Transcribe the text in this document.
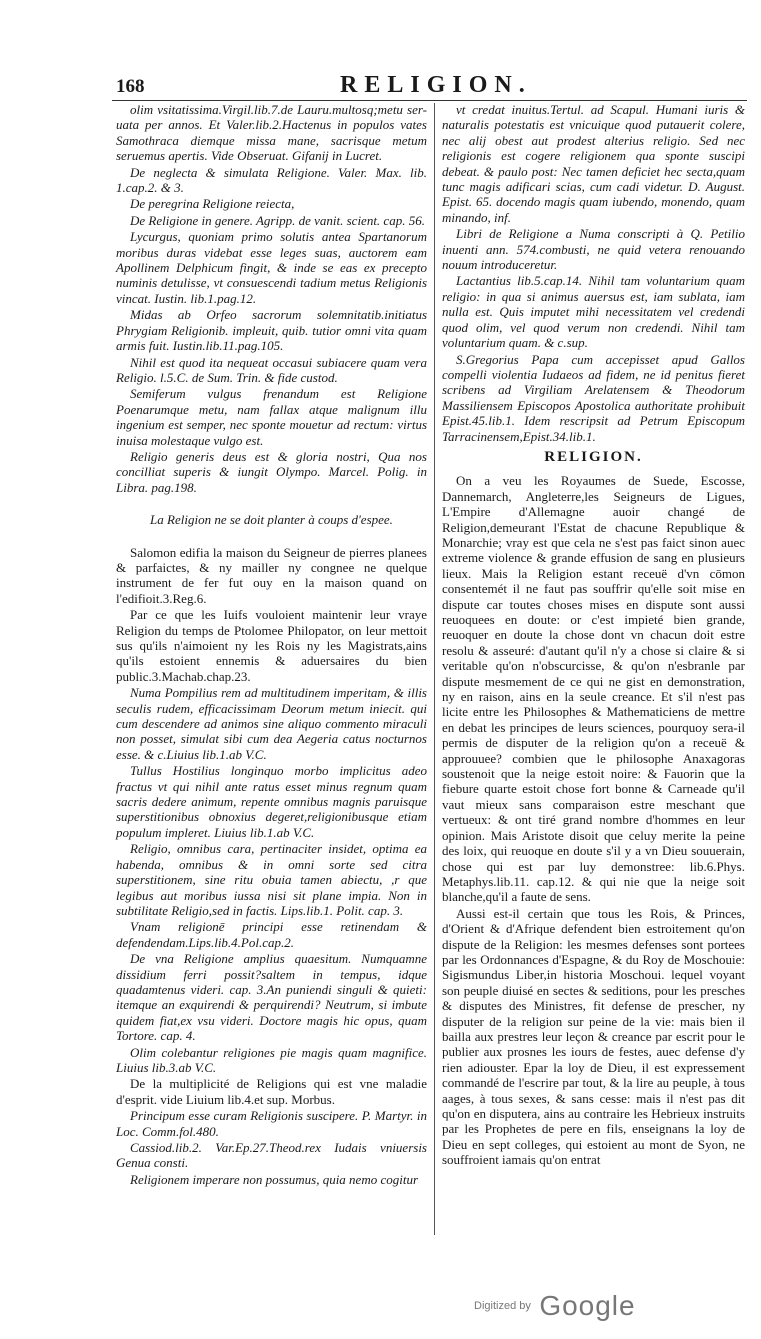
168	RELIGION.

olim vsitatissima.Virgil.lib.7.de Lauru.multosq;metu ser-uata per annos. Et Valer.lib.2.Hactenus in populos vates Samothraca diemque missa mane, sacrisque metum seruemus apertis. Vide Obseruat. Gifanij in Lucret.

De neglecta & simulata Religione. Valer. Max. lib. 1.cap.2. & 3.

De peregrina Religione reiecta,

De Religione in genere. Agripp. de vanit. scient. cap. 56.

Lycurgus, quoniam primo solutis antea Spartanorum moribus duras videbat esse leges suas, auctorem eam Apollinem Delphicum fingit, & inde se eas ex precepto numinis detulisse, vt consuescendi tadium metus Religionis vincat. Iustin. lib.1.pag.12.

Midas ab Orfeo sacrorum solemnitatib.initiatus Phrygiam Religionib. impleuit, quib. tutior omni vita quam armis fuit. Iustin.lib.11.pag.105.

Nihil est quod ita nequeat occasui subiacere quam vera Religio. l.5.C. de Sum. Trin. & fide custod.

Semiferum vulgus frenandum est Religione Poenarumque metu, nam fallax atque malignum illu ingenium est semper, nec sponte mouetur ad rectum: virtus inuisa molestaque vulgo est.

Religio generis deus est & gloria nostri, Qua nos concilliat superis & iungit Olympo. Marcel. Polig. in Libra. pag.198.

La Religion ne se doit planter à coups d'espee.

Salomon edifia la maison du Seigneur de pierres planees & parfaictes, & ny mailler ny congnee ne quelque instrument de fer fut ouy en la maison quand on l'edifioit.3.Reg.6.

Par ce que les Iuifs vouloient maintenir leur vraye Religion du temps de Ptolomee Philopator, on leur mettoit sus qu'ils n'aimoient ny les Rois ny les Magistrats,ains qu'ils estoient ennemis & aduersaires du bien public.3.Machab.chap.23.

Numa Pompilius rem ad multitudinem imperitam, & illis seculis rudem, efficacissimam Deorum metum iniecit. qui cum descendere ad animos sine aliquo commento miraculi non posset, simulat sibi cum dea Aegeria catus nocturnos esse. & c.Liuius lib.1.ab V.C.

Tullus Hostilius longinquo morbo implicitus adeo fractus vt qui nihil ante ratus esset minus regnum quam sacris dedere animum, repente omnibus magnis paruisque superstitionibus obnoxius degeret,religionibusque etiam populum impleret. Liuius lib.1.ab V.C.

Religio, omnibus cara, pertinaciter insidet, optima ea habenda, omnibus & in omni sorte sed citra superstitionem, sine ritu obuia tamen abiectu, ,r que legibus aut moribus iussa nisi sit plane impia. Non in subtilitate Religio,sed in factis. Lips.lib.1. Polit. cap. 3.

Vnam religionē principi esse retinendam & defendendam.Lips.lib.4.Pol.cap.2.

De vna Religione amplius quaesitum. Numquamne dissidium ferri possit?saltem in tempus, idque quadamtenus videri. cap. 3.An puniendi singuli & quieti: itemque an exquirendi & perquirendi? Neutrum, si imbute quidem fiat,ex vsu videri. Doctore magis hic opus, quam Tortore. cap. 4.

Olim colebantur religiones pie magis quam magnifice. Liuius lib.3.ab V.C.

De la multiplicité de Religions qui est vne maladie d'esprit. vide Liuium lib.4.et sup. Morbus.

Principum esse curam Religionis suscipere. P. Martyr. in Loc. Comm.fol.480.

Cassiod.lib.2. Var.Ep.27.Theod.rex Iudais vniuersis Genua consti.

Religionem imperare non possumus, quia nemo cogitur

vt credat inuitus.Tertul. ad Scapul. Humani iuris & naturalis potestatis est vnicuique quod putauerit colere, nec alij obest aut prodest alterius religio. Sed nec religionis est cogere religionem qua sponte suscipi debeat. & paulo post: Nec tamen deficiet hec secta,quam tunc magis adificari scias, cum cadi videtur. D. August. Epist. 65. docendo magis quam iubendo, monendo, quam minando, inf.

Libri de Religione a Numa conscripti à Q. Petilio inuenti ann. 574.combusti, ne quid vetera renouando nouum introduceretur.

Lactantius lib.5.cap.14. Nihil tam voluntarium quam religio: in qua si animus auersus est, iam sublata, iam nulla est. Quis imputet mihi necessitatem vel credendi quod olim, vel quod verum non credendi. Nihil tam voluntarium quam. & c.sup.

S.Gregorius Papa cum accepisset apud Gallos compelli violentia Iudaeos ad fidem, ne id penitus fieret scribens ad Virgiliam Arelatensem & Theodorum Massiliensem Episcopos Apostolica authoritate prohibuit Epist.45.lib.1. Idem rescripsit ad Petrum Episcopum Tarracinensem,Epist.34.lib.1.

RELIGION.

On a veu les Royaumes de Suede, Escosse, Dannemarch, Angleterre,les Seigneurs de Ligues, L'Empire d'Allemagne auoir changé de Religion,demeurant l'Estat de chacune Republique & Monarchie; vray est que cela ne s'est pas faict sinon auec extreme violence & grande effusion de sang en plusieurs lieux. Mais la Religion estant receuë d'vn cōmon consentemét il ne faut pas souffrir qu'elle soit mise en dispute car toutes choses mises en dispute sont aussi reuoquees en doute: or c'est impieté bien grande, reuoquer en doute la chose dont vn chacun doit estre resolu & asseuré: d'autant qu'il n'y a chose si claire & si veritable qu'on n'obscurcisse, & qu'on n'esbranle par dispute mesmement de ce qui ne gist en demonstration, ny en raison, ains en la seule creance. Et s'il n'est pas licite entre les Philosophes & Mathematiciens de mettre en debat les principes de leurs sciences, pourquoy sera-il permis de disputer de la religion qu'on a receuë & approuuee? combien que le philosophe Anaxagoras soustenoit que la neige estoit noire: & Fauorin que la fiebure quarte estoit chose fort bonne & Carneade qu'il vaut mieux sans comparaison estre meschant que vertueux: & ont tiré grand nombre d'hommes en leur opinion. Mais Aristote disoit que celuy merite la peine des loix, qui reuoque en doute s'il y a vn Dieu souuerain, chose qui est par luy demonstree: lib.6.Phys. Metaphys.lib.11. cap.12. & qui nie que la neige soit blanche,qu'il a faute de sens.

Aussi est-il certain que tous les Rois, & Princes, d'Orient & d'Afrique defendent bien estroitement qu'on dispute de la Religion: les mesmes defenses sont portees par les Ordonnances d'Espagne, & du Roy de Moschouie: Sigismundus Liber,in historia Moschoui. lequel voyant son peuple diuisé en sectes & seditions, pour les presches & disputes des Ministres, fit defense de prescher, ny disputer de la religion sur peine de la vie: mais bien il bailla aux prestres leur leçon & creance par escrit pour le publier aux prosnes les iours de festes, auec defense d'y rien adiouster. Epar la loy de Dieu, il est expressement commandé de l'escrire par tout, & la lire au peuple, à tous aages, à tous sexes, & sans cesse: mais il n'est pas dit qu'on en disputera, ains au contraire les Hebrieux instruits par les Prophetes de pere en fils, enseignans la loy de Dieu en sept colleges, qui estoient au mont de Syon, ne souffroient iamais qu'on entrat

Digitized by Google
